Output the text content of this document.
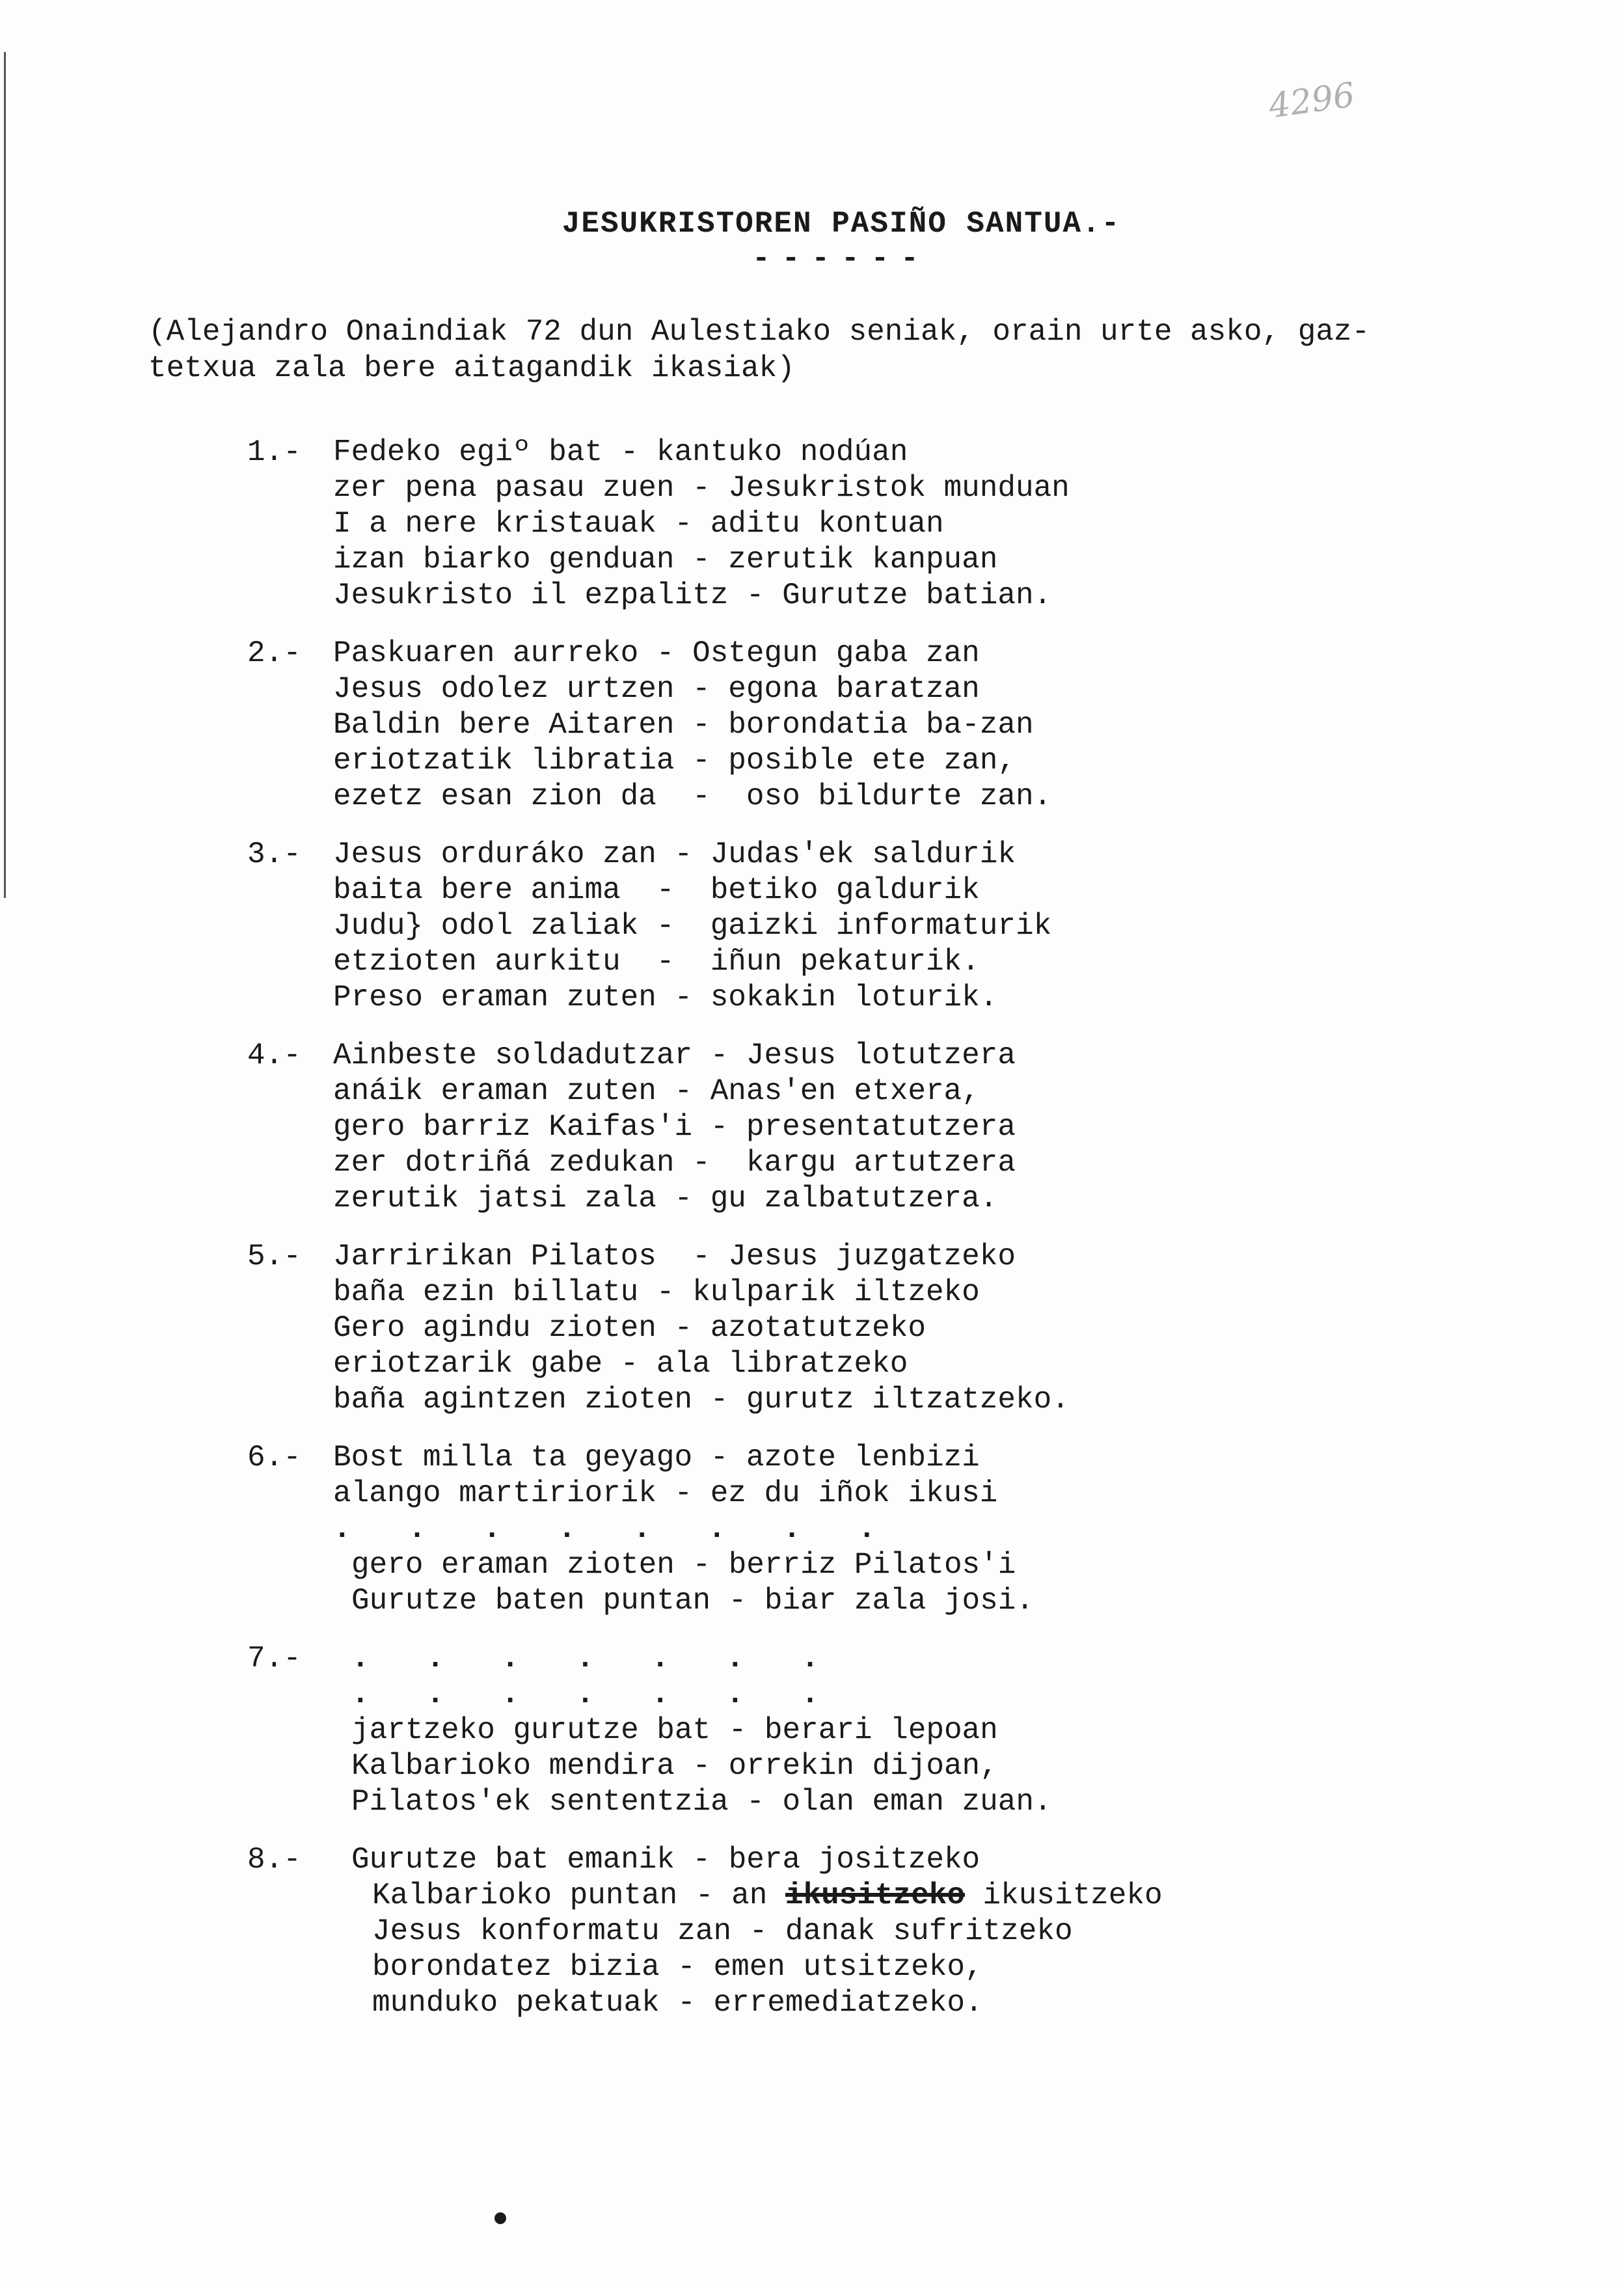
4296
JESUKRISTOREN PASIÑO SANTUA.-
------
(Alejandro Onaindiak 72 dun Aulestiako seniak, orain urte asko, gaz-
tetxua zala bere aitagandik ikasiak)
1.- Fedeko egiº bat - kantuko nodúan
zer pena pasau zuen - Jesukristok munduan
I a nere kristauak - aditu kontuan
izan biarko genduan - zerutik kanpuan
Jesukristo il ezpalitz - Gurutze batian.
2.- Paskuaren aurreko - Ostegun gaba zan
Jesus odolez urtzen - egona baratzan
Baldin bere Aitaren - borondatia ba-zan
eriotzatik libratia - posible ete zan,
ezetz esan zion da  -  oso bildurte zan.
3.- Jesus orduráko zan - Judas'ek saldurik
baita bere anima  -  betiko galdurik
Judu} odol zaliak -  gaizki informaturik
etzioten aurkitu  -  iñun pekaturik.
Preso eraman zuten - sokakin loturik.
4.- Ainbeste soldadutzar - Jesus lotutzera
anáik eraman zuten - Anas'en etxera,
gero barriz Kaifas'i - presentatutzera
zer dotriñá zedukan -  kargu artutzera
zerutik jatsi zala - gu zalbatutzera.
5.- Jarririkan Pilatos  - Jesus juzgatzeko
baña ezin billatu - kulparik iltzeko
Gero agindu zioten - azotatutzeko
eriotzarik gabe - ala libratzeko
baña agintzen zioten - gurutz iltzatzeko.
6.- Bost milla ta geyago - azote lenbizi
alango martiriorik - ez du iñok ikusi
. . . . . . . .
gero eraman zioten - berriz Pilatos'i
Gurutze baten puntan - biar zala josi.
7.-	. . . . . . .
. . . . . . .
jartzeko gurutze bat - berari lepoan
Kalbarioko mendira - orrekin dijoan,
Pilatos'ek sententzia - olan eman zuan.
8.-	Gurutze bat emanik - bera jositzeko
Kalbarioko puntan - an ikusitzeko ikusitzeko
Jesus konformatu zan - danak sufritzeko
borondatez bizia - emen utsitzeko,
munduko pekatuak - erremediatzeko.
